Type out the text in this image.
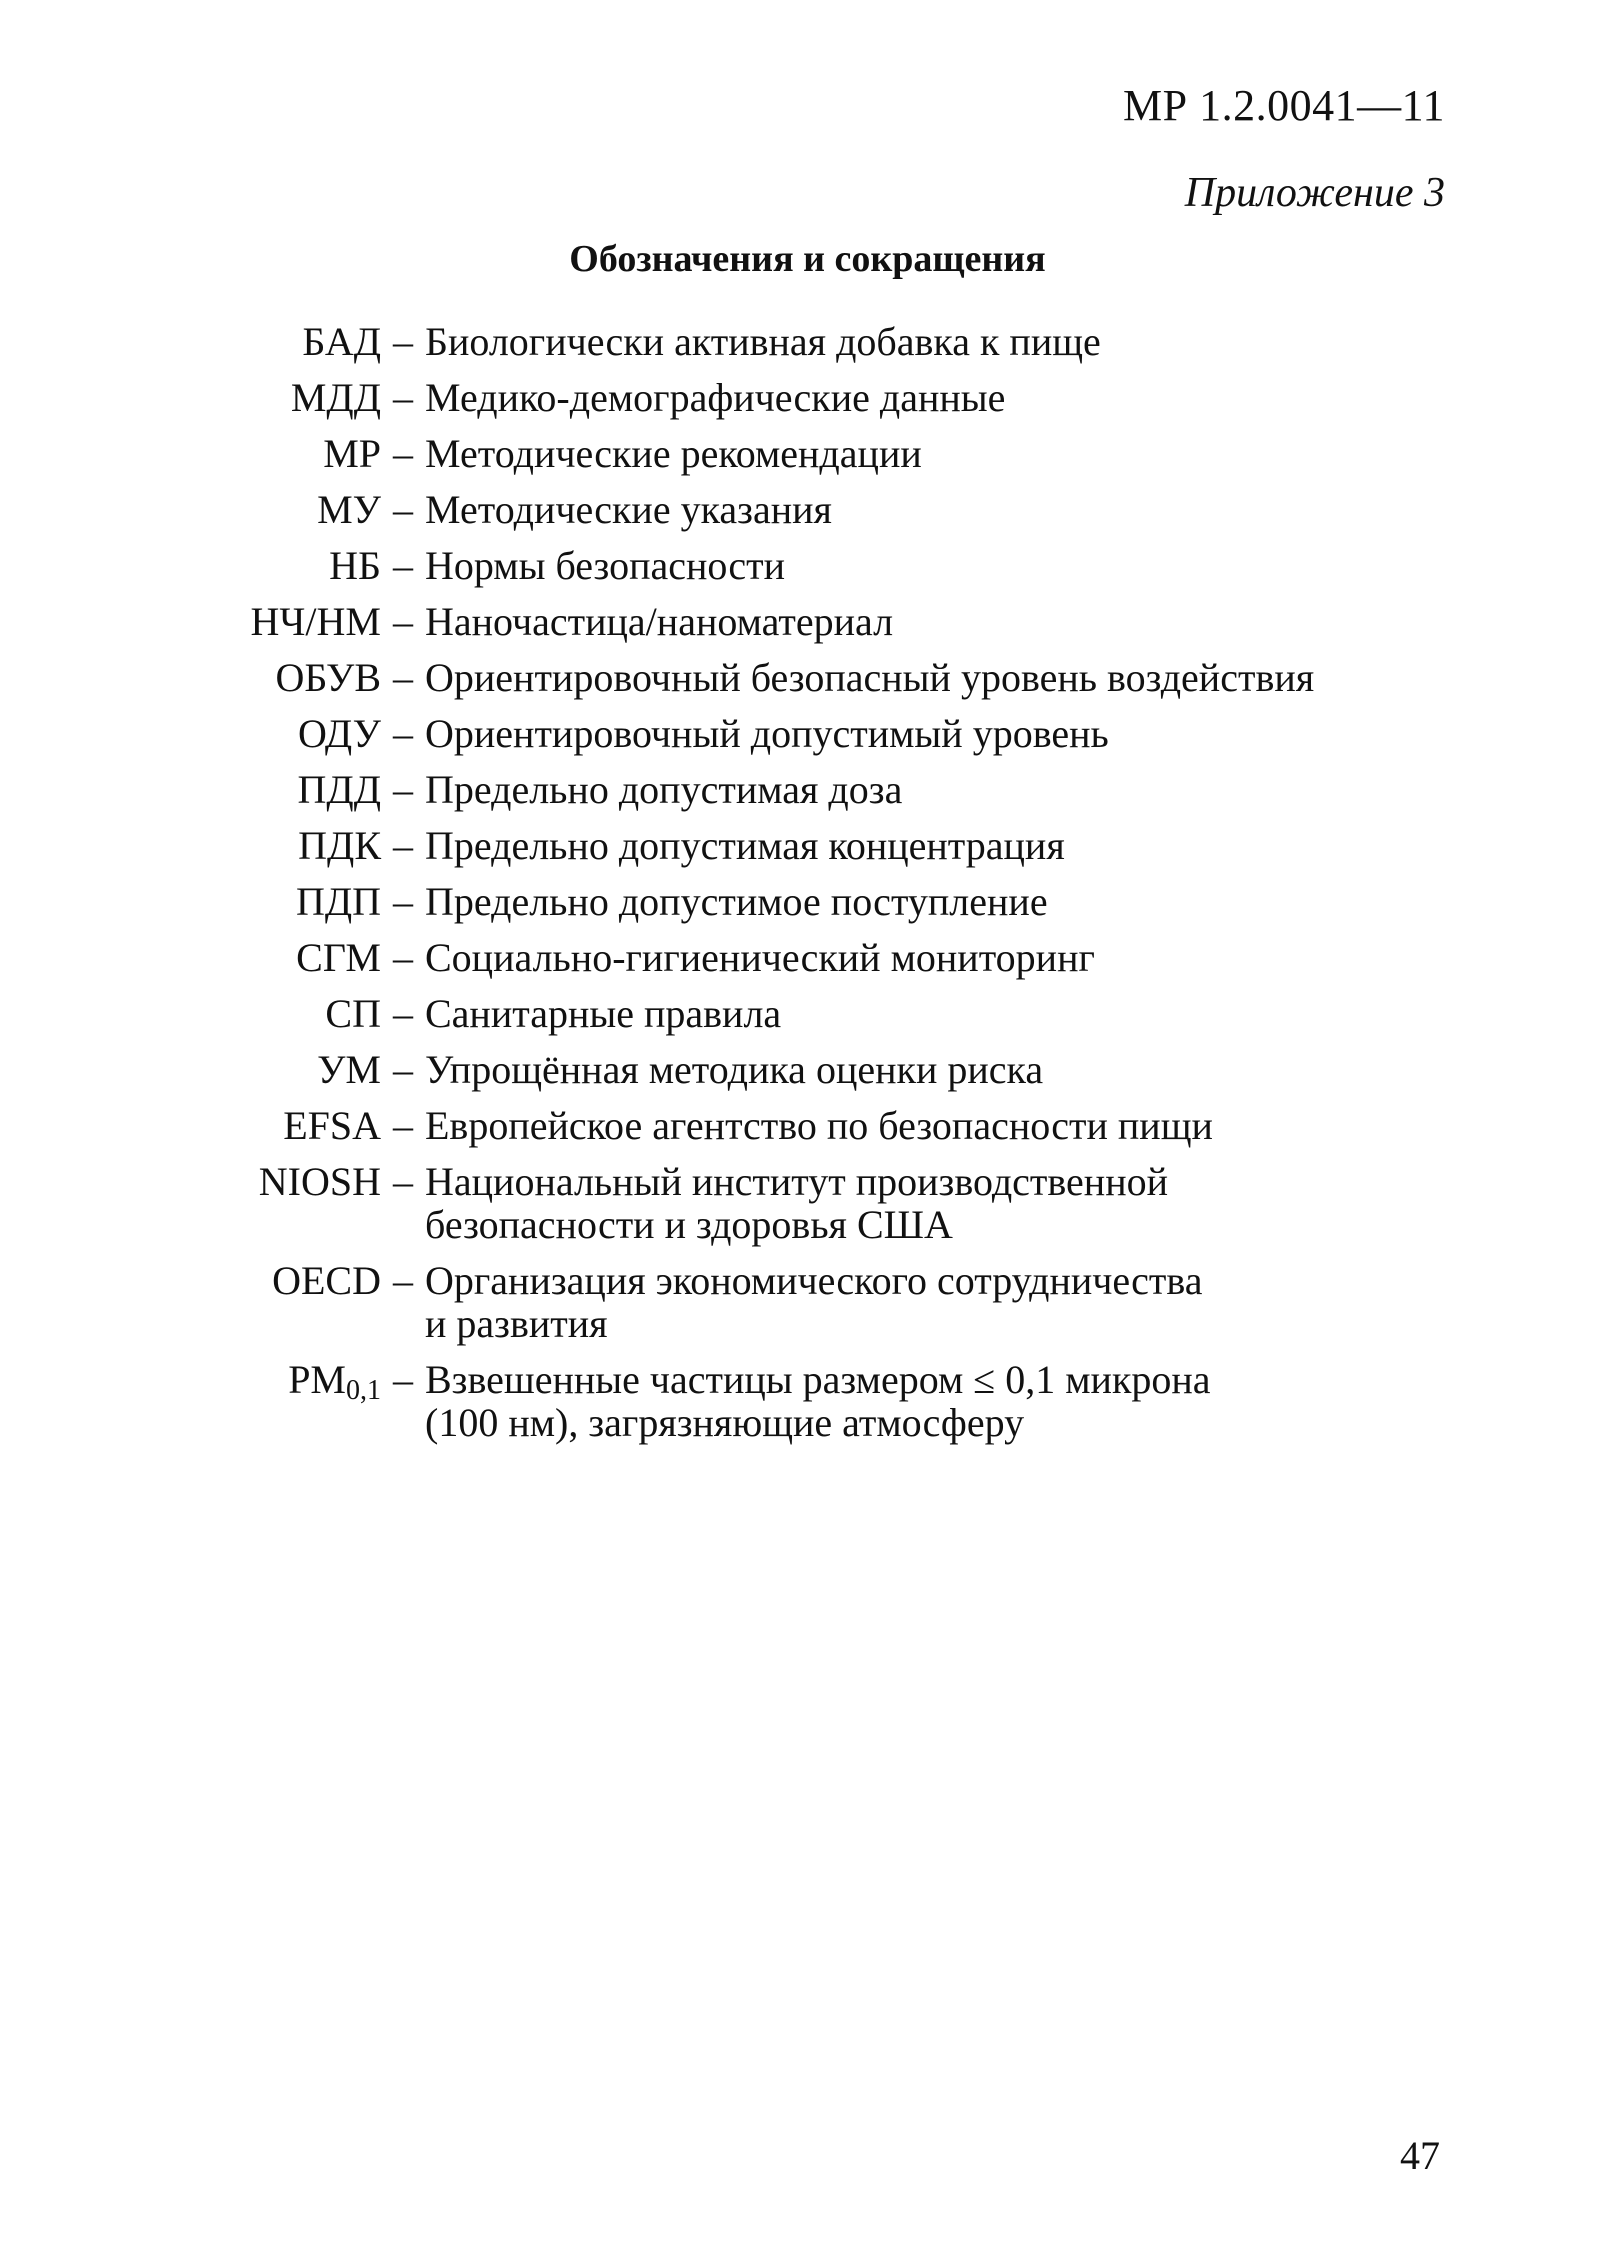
МР 1.2.0041—11
Приложение 3
Обозначения и сокращения
БАД – Биологически активная добавка к пище
МДД – Медико-демографические данные
МР – Методические рекомендации
МУ – Методические указания
НБ – Нормы безопасности
НЧ/НМ – Наночастица/наноматериал
ОБУВ – Ориентировочный безопасный уровень воздействия
ОДУ – Ориентировочный допустимый уровень
ПДД – Предельно допустимая доза
ПДК – Предельно допустимая концентрация
ПДП – Предельно допустимое поступление
СГМ – Социально-гигиенический мониторинг
СП – Санитарные правила
УМ – Упрощённая методика оценки риска
EFSA – Европейское агентство по безопасности пищи
NIOSH – Национальный институт производственной
безопасности и здоровья США
OECD – Организация экономического сотрудничества
и развития
$PM_{0,1}$ – Взвешенные частицы размером ≤ 0,1 микрона
(100 нм), загрязняющие атмосферу
47
